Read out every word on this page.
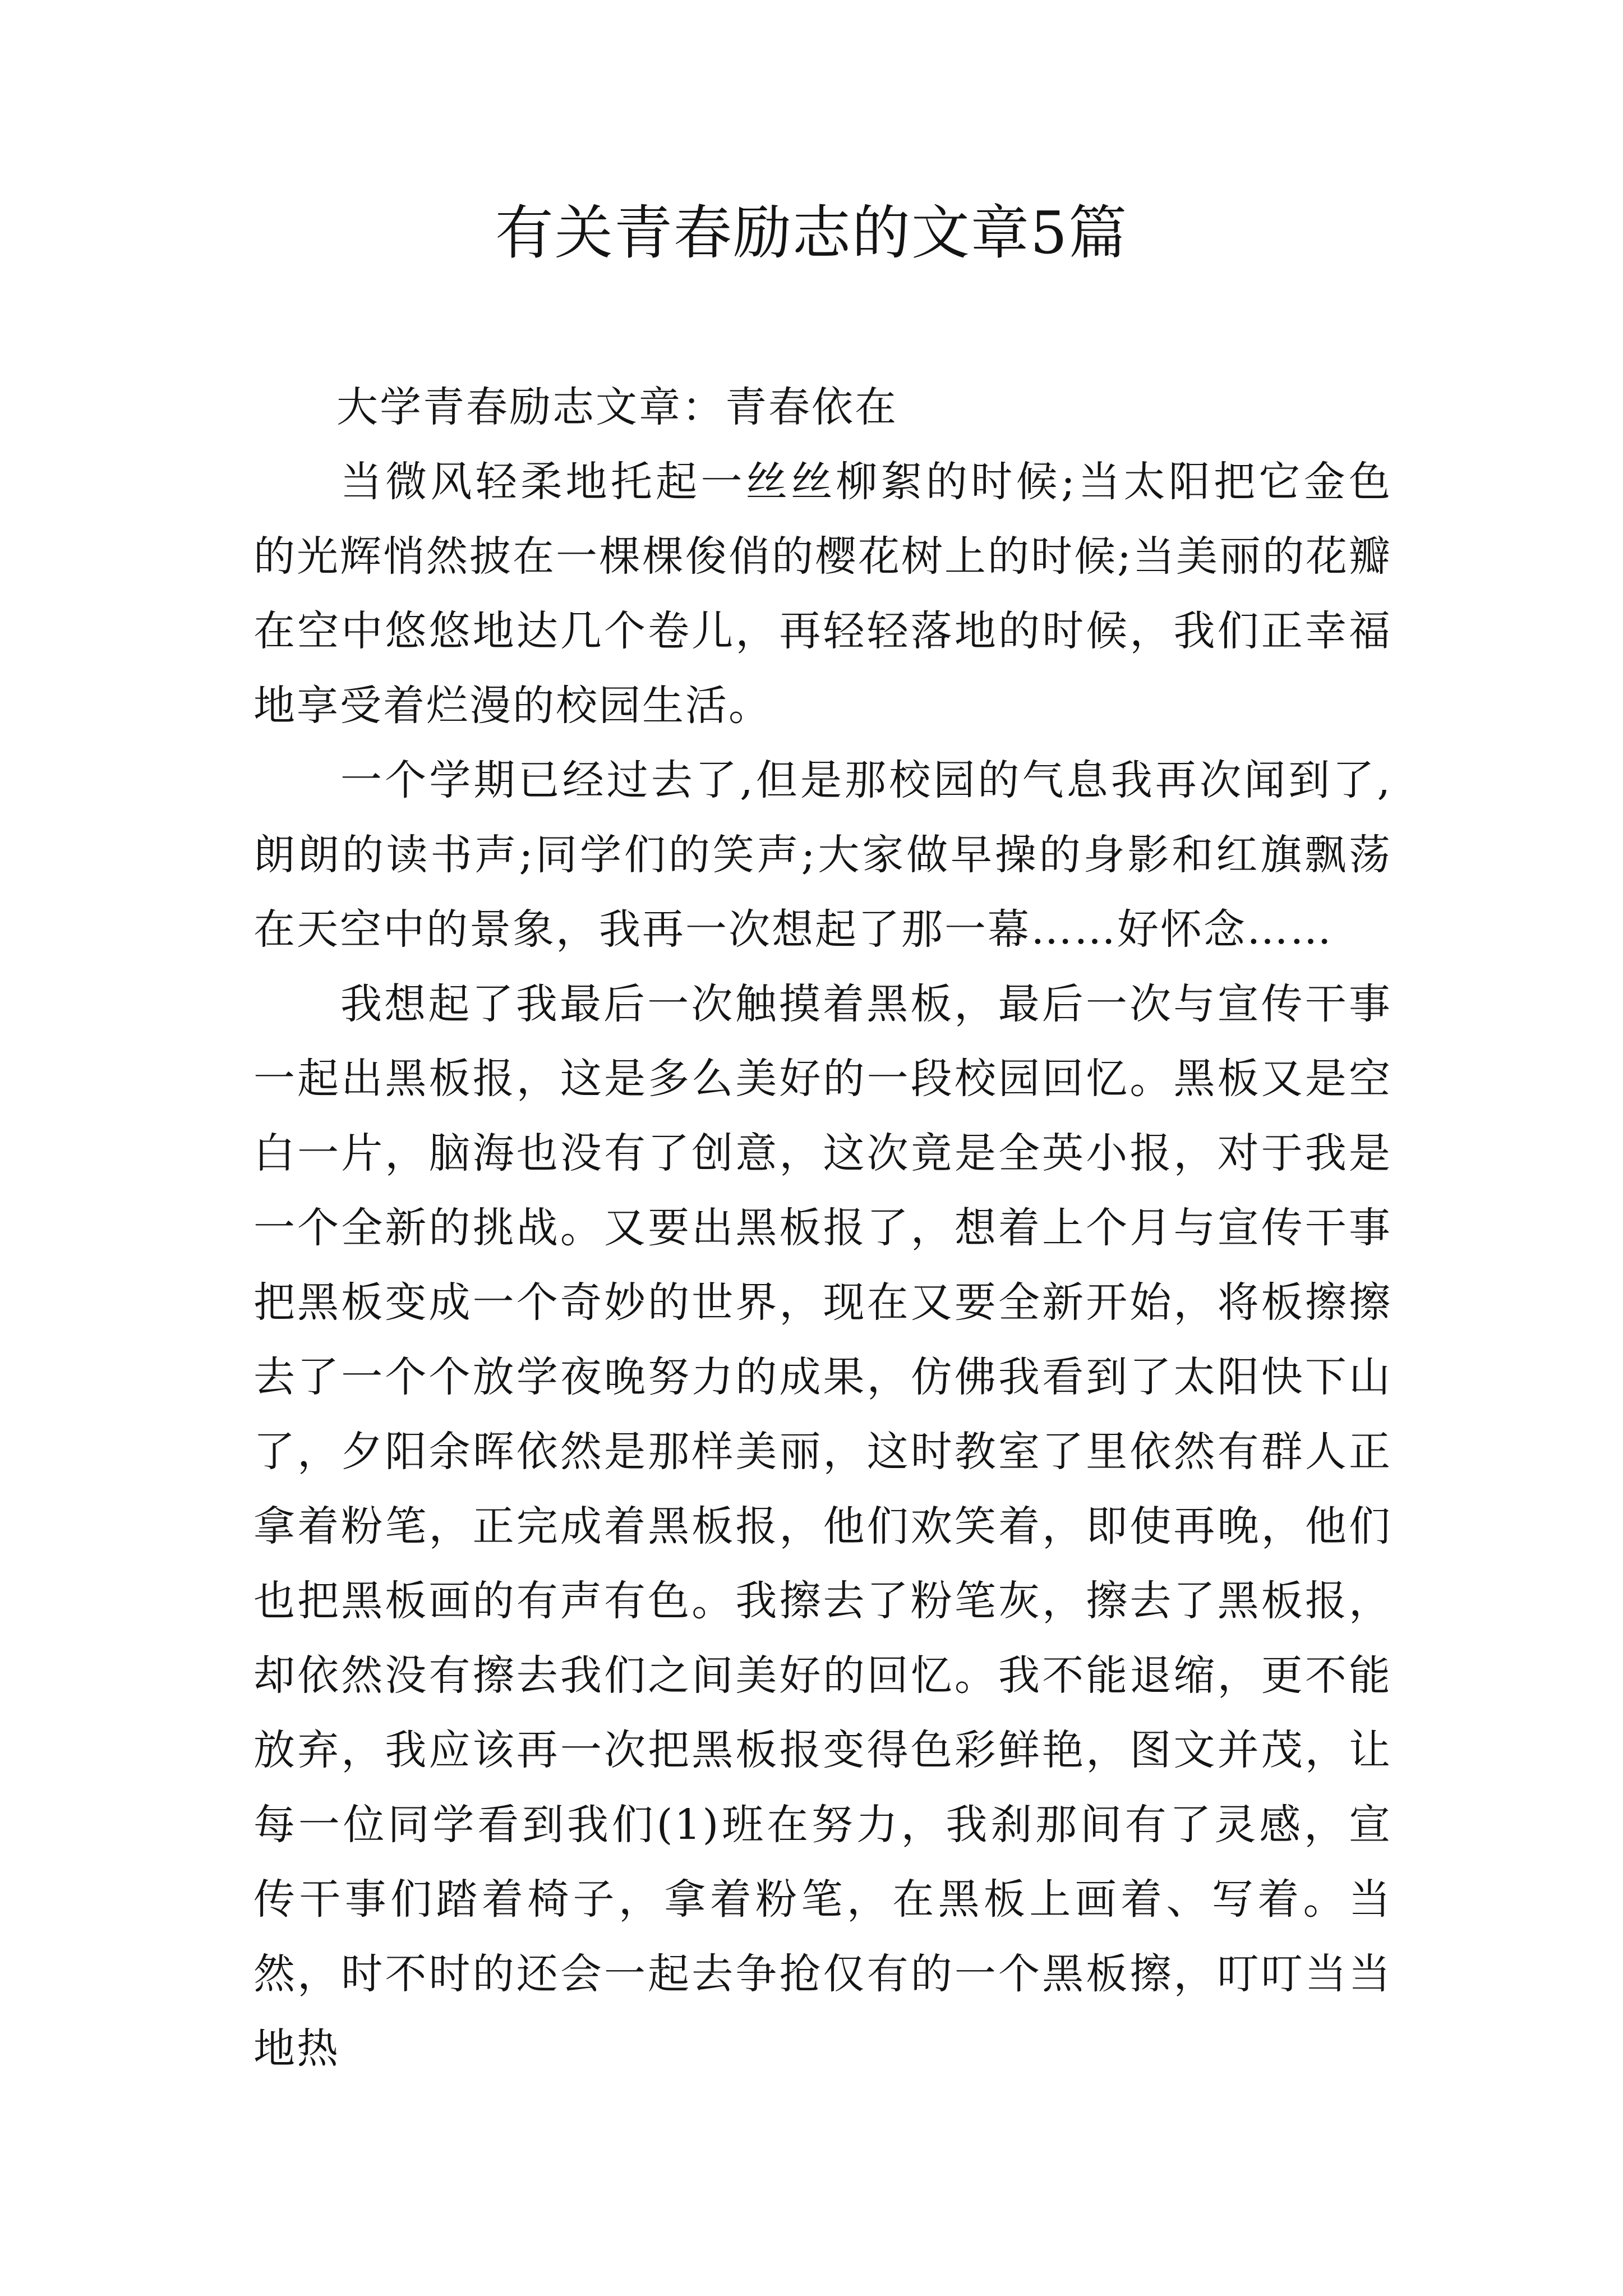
有关青春励志的文章5篇

大学青春励志文章：青春依在

当微风轻柔地托起一丝丝柳絮的时候;当太阳把它金色的光辉悄然披在一棵棵俊俏的樱花树上的时候;当美丽的花瓣在空中悠悠地达几个卷儿，再轻轻落地的时候，我们正幸福地享受着烂漫的校园生活。

一个学期已经过去了,但是那校园的气息我再次闻到了,朗朗的读书声;同学们的笑声;大家做早操的身影和红旗飘荡在天空中的景象，我再一次想起了那一幕……好怀念……

我想起了我最后一次触摸着黑板，最后一次与宣传干事一起出黑板报，这是多么美好的一段校园回忆。黑板又是空白一片，脑海也没有了创意，这次竟是全英小报，对于我是一个全新的挑战。又要出黑板报了，想着上个月与宣传干事把黑板变成一个奇妙的世界，现在又要全新开始，将板擦擦去了一个个放学夜晚努力的成果，仿佛我看到了太阳快下山了，夕阳余晖依然是那样美丽，这时教室了里依然有群人正拿着粉笔，正完成着黑板报，他们欢笑着，即使再晚，他们也把黑板画的有声有色。我擦去了粉笔灰，擦去了黑板报，却依然没有擦去我们之间美好的回忆。我不能退缩，更不能放弃，我应该再一次把黑板报变得色彩鲜艳，图文并茂，让每一位同学看到我们(1)班在努力，我刹那间有了灵感，宣传干事们踏着椅子，拿着粉笔，在黑板上画着、写着。当然，时不时的还会一起去争抢仅有的一个黑板擦，叮叮当当地热
